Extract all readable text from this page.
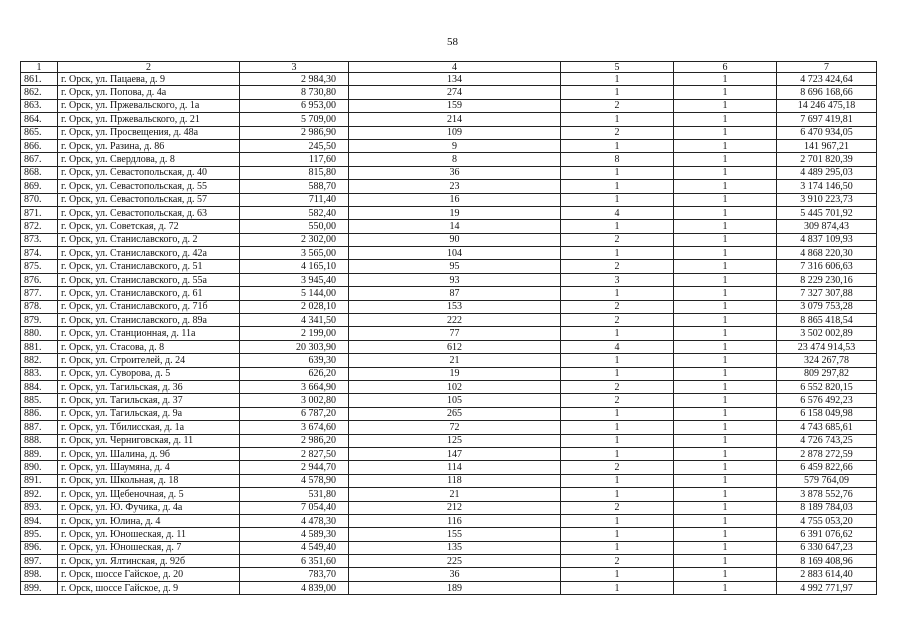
58
1	2	3	4	5	6	7
861.	г. Орск, ул. Пацаева, д. 9	2 984,30	134	1	1	4 723 424,64
862.	г. Орск, ул. Попова, д. 4а	8 730,80	274	1	1	8 696 168,66
863.	г. Орск, ул. Пржевальского, д. 1а	6 953,00	159	2	1	14 246 475,18
864.	г. Орск, ул. Пржевальского, д. 21	5 709,00	214	1	1	7 697 419,81
865.	г. Орск, ул. Просвещения, д. 48а	2 986,90	109	2	1	6 470 934,05
866.	г. Орск, ул. Разина, д. 86	245,50	9	1	1	141 967,21
867.	г. Орск, ул. Свердлова, д. 8	117,60	8	8	1	2 701 820,39
868.	г. Орск, ул. Севастопольская, д. 40	815,80	36	1	1	4 489 295,03
869.	г. Орск, ул. Севастопольская, д. 55	588,70	23	1	1	3 174 146,50
870.	г. Орск, ул. Севастопольская, д. 57	711,40	16	1	1	3 910 223,73
871.	г. Орск, ул. Севастопольская, д. 63	582,40	19	4	1	5 445 701,92
872.	г. Орск, ул. Советская, д. 72	550,00	14	1	1	309 874,43
873.	г. Орск, ул. Станиславского, д. 2	2 302,00	90	2	1	4 837 109,93
874.	г. Орск, ул. Станиславского, д. 42а	3 565,00	104	1	1	4 868 220,30
875.	г. Орск, ул. Станиславского, д. 51	4 165,10	95	2	1	7 316 606,63
876.	г. Орск, ул. Станиславского, д. 55а	3 945,40	93	3	1	8 229 230,16
877.	г. Орск, ул. Станиславского, д. 61	5 144,00	87	1	1	7 327 307,88
878.	г. Орск, ул. Станиславского, д. 71б	2 028,10	153	2	1	3 079 753,28
879.	г. Орск, ул. Станиславского, д. 89а	4 341,50	222	2	1	8 865 418,54
880.	г. Орск, ул. Станционная, д. 11а	2 199,00	77	1	1	3 502 002,89
881.	г. Орск, ул. Стасова, д. 8	20 303,90	612	4	1	23 474 914,53
882.	г. Орск, ул. Строителей, д. 24	639,30	21	1	1	324 267,78
883.	г. Орск, ул. Суворова, д. 5	626,20	19	1	1	809 297,82
884.	г. Орск, ул. Тагильская, д. 36	3 664,90	102	2	1	6 552 820,15
885.	г. Орск, ул. Тагильская, д. 37	3 002,80	105	2	1	6 576 492,23
886.	г. Орск, ул. Тагильская, д. 9а	6 787,20	265	1	1	6 158 049,98
887.	г. Орск, ул. Тбилисская, д. 1а	3 674,60	72	1	1	4 743 685,61
888.	г. Орск, ул. Черниговская, д. 11	2 986,20	125	1	1	4 726 743,25
889.	г. Орск, ул. Шалина, д. 9б	2 827,50	147	1	1	2 878 272,59
890.	г. Орск, ул. Шаумяна, д. 4	2 944,70	114	2	1	6 459 822,66
891.	г. Орск, ул. Школьная, д. 18	4 578,90	118	1	1	579 764,09
892.	г. Орск, ул. Щебеночная, д. 5	531,80	21	1	1	3 878 552,76
893.	г. Орск, ул. Ю. Фучика, д. 4а	7 054,40	212	2	1	8 189 784,03
894.	г. Орск, ул. Юлина, д. 4	4 478,30	116	1	1	4 755 053,20
895.	г. Орск, ул. Юношеская, д. 11	4 589,30	155	1	1	6 391 076,62
896.	г. Орск, ул. Юношеская, д. 7	4 549,40	135	1	1	6 330 647,23
897.	г. Орск, ул. Ялтинская, д. 92б	6 351,60	225	2	1	8 169 408,96
898.	г. Орск, шоссе Гайское, д. 20	783,70	36	1	1	2 883 614,40
899.	г. Орск, шоссе Гайское, д. 9	4 839,00	189	1	1	4 992 771,97
